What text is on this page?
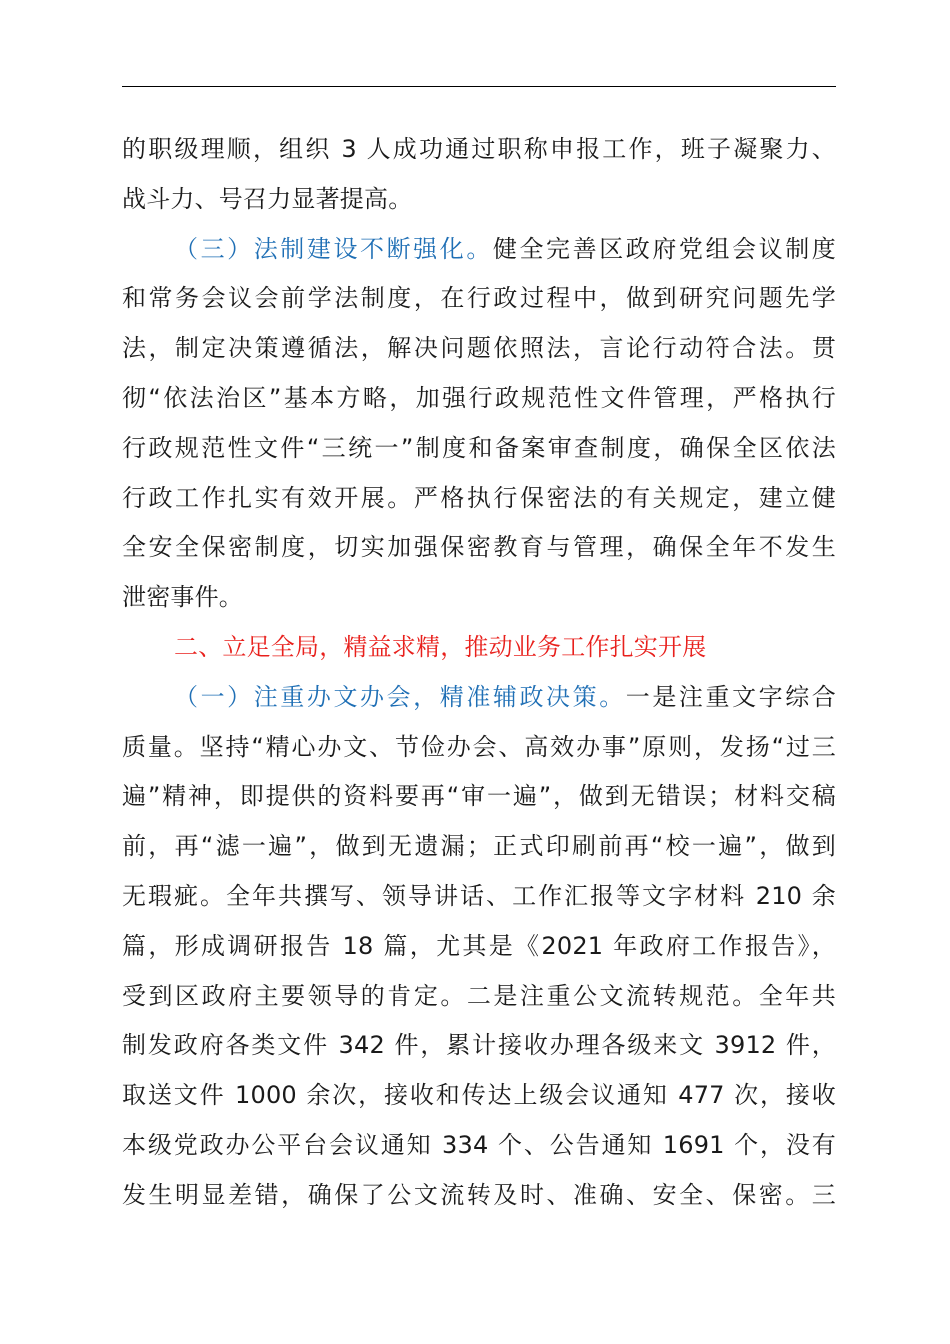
的职级理顺，组织 3 人成功通过职称申报工作，班子凝聚力、
战斗力、号召力显著提高。
（三）法制建设不断强化。健全完善区政府党组会议制度
和常务会议会前学法制度，在行政过程中，做到研究问题先学
法，制定决策遵循法，解决问题依照法，言论行动符合法。贯
彻“依法治区”基本方略，加强行政规范性文件管理，严格执行
行政规范性文件“三统一”制度和备案审查制度，确保全区依法
行政工作扎实有效开展。严格执行保密法的有关规定，建立健
全安全保密制度，切实加强保密教育与管理，确保全年不发生
泄密事件。
二、立足全局，精益求精，推动业务工作扎实开展
（一）注重办文办会，精准辅政决策。一是注重文字综合
质量。坚持“精心办文、节俭办会、高效办事”原则，发扬“过三
遍”精神，即提供的资料要再“审一遍”，做到无错误；材料交稿
前，再“滤一遍”，做到无遗漏；正式印刷前再“校一遍”，做到
无瑕疵。全年共撰写、领导讲话、工作汇报等文字材料 210 余
篇，形成调研报告 18 篇，尤其是《2021 年政府工作报告》，
受到区政府主要领导的肯定。二是注重公文流转规范。全年共
制发政府各类文件 342 件，累计接收办理各级来文 3912 件，
取送文件 1000 余次，接收和传达上级会议通知 477 次，接收
本级党政办公平台会议通知 334 个、公告通知 1691 个，没有
发生明显差错，确保了公文流转及时、准确、安全、保密。三
